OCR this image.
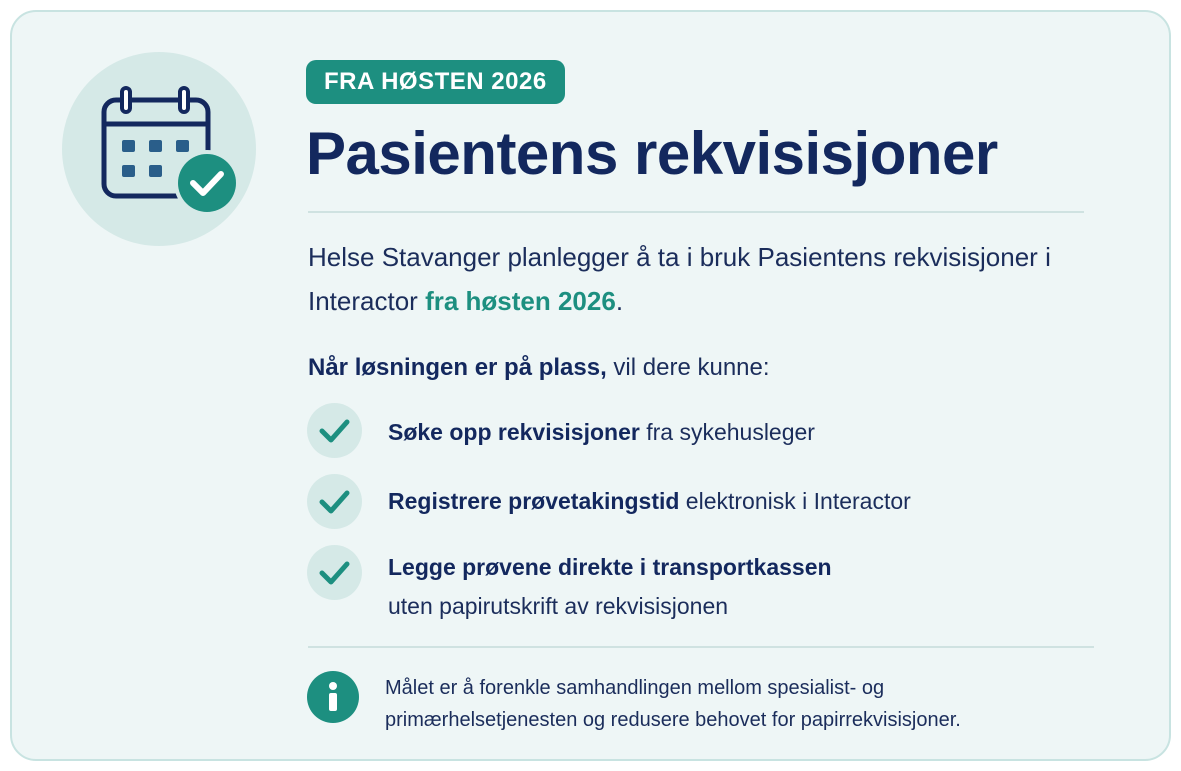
FRA HØSTEN 2026
Pasientens rekvisisjoner
Helse Stavanger planlegger å ta i bruk Pasientens rekvisisjoner i Interactor fra høsten 2026.
Når løsningen er på plass, vil dere kunne:
Søke opp rekvisisjoner fra sykehusleger
Registrere prøvetakingstid elektronisk i Interactor
Legge prøvene direkte i transportkassen
uten papirutskrift av rekvisisjonen
Målet er å forenkle samhandlingen mellom spesialist- og
primærhelsetjenesten og redusere behovet for papirrekvisisjoner.
